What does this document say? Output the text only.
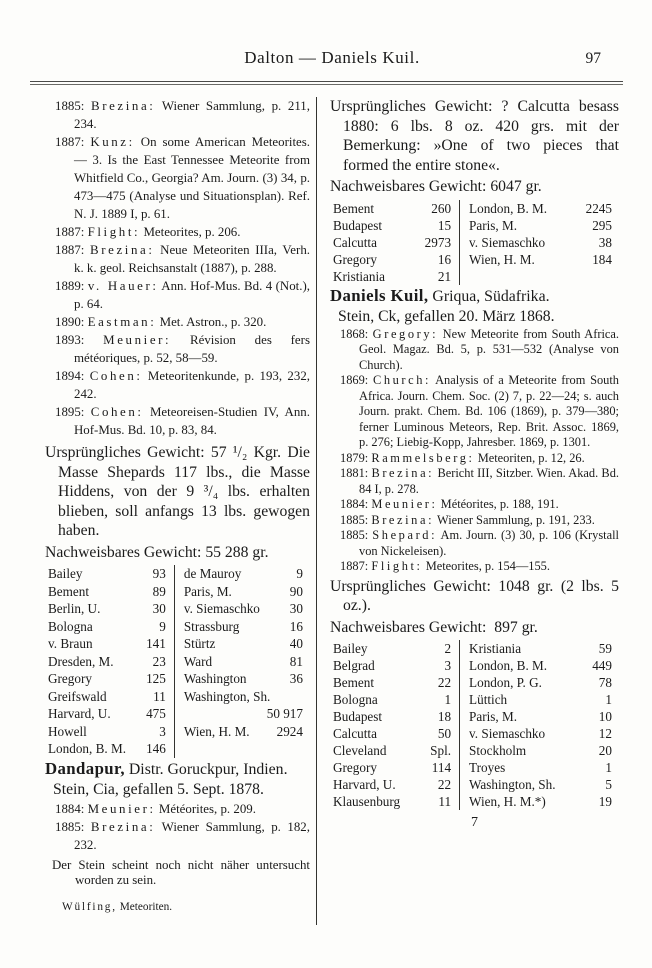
Dalton — Daniels Kuil.	97

1885: Brezina: Wiener Sammlung, p. 211, 234.

1887: Kunz: On some American Meteorites. — 3. Is the East Tennessee Meteorite from Whitfield Co., Georgia? Am. Journ. (3) 34, p. 473—475 (Analyse und Situationsplan). Ref. N. J. 1889 I, p. 61.

1887: Flight: Meteorites, p. 206.

1887: Brezina: Neue Meteoriten IIIa, Verh. k. k. geol. Reichsanstalt (1887), p. 288.

1889: v. Hauer: Ann. Hof-Mus. Bd. 4 (Not.), p. 64.

1890: Eastman: Met. Astron., p. 320.

1893: Meunier: Révision des fers météoriques, p. 52, 58—59.

1894: Cohen: Meteoritenkunde, p. 193, 232, 242.

1895: Cohen: Meteoreisen-Studien IV, Ann. Hof-Mus. Bd. 10, p. 83, 84.

Ursprüngliches Gewicht: 57 ¹/₂ Kgr. Die Masse Shepards 117 lbs., die Masse Hiddens, von der 9 ³/₄ lbs. erhalten blieben, soll anfangs 13 lbs. gewogen haben.

Nachweisbares Gewicht: 55 288 gr.

Bailey	93
Bement	89
Berlin, U.	30
Bologna	9
v. Braun	141
Dresden, M.	23
Gregory	125
Greifswald	11
Harvard, U.	475
Howell	3
London, B. M. 146
de Mauroy	9
Paris, M.	90
v. Siemaschko 30
Strassburg	16
Stürtz	40
Ward	81
Washington	36
Washington, Sh.
50 917
Wien, H. M. 2924

Dandapur, Distr. Goruckpur, Indien.

Stein, Cia, gefallen 5. Sept. 1878.

1884: Meunier: Météorites, p. 209.

1885: Brezina: Wiener Sammlung, p. 182, 232.

Der Stein scheint noch nicht näher untersucht worden zu sein.

Wülfing, Meteoriten.

Ursprüngliches Gewicht: ? Calcutta besass 1880: 6 lbs. 8 oz. 420 grs. mit der Bemerkung: »One of two pieces that formed the entire stone«.

Nachweisbares Gewicht: 6047 gr.

Bement	260
Budapest	15
Calcutta	2973
Gregory	16
Kristiania	21
London, B. M.	2245
Paris, M.	295
v. Siemaschko	38
Wien, H. M.	184

Daniels Kuil, Griqua, Südafrika.

Stein, Ck, gefallen 20. März 1868.

1868: Gregory: New Meteorite from South Africa. Geol. Magaz. Bd. 5, p. 531—532 (Analyse von Church).

1869: Church: Analysis of a Meteorite from South Africa. Journ. Chem. Soc. (2) 7, p. 22—24; s. auch Journ. prakt. Chem. Bd. 106 (1869), p. 379—380; ferner Luminous Meteors, Rep. Brit. Assoc. 1869, p. 276; Liebig-Kopp, Jahresber. 1869, p. 1301.

1879: Rammelsberg: Meteoriten, p. 12, 26.

1881: Brezina: Bericht III, Sitzber. Wien. Akad. Bd. 84 I, p. 278.

1884: Meunier: Météorites, p. 188, 191.

1885: Brezina: Wiener Sammlung, p. 191, 233.

1885: Shepard: Am. Journ. (3) 30, p. 106 (Krystall von Nickeleisen).

1887: Flight: Meteorites, p. 154—155.

Ursprüngliches Gewicht: 1048 gr. (2 lbs. 5 oz.).

Nachweisbares Gewicht: 897 gr.

Bailey	2
Belgrad	3
Bement	22
Bologna	1
Budapest	18
Calcutta	50
Cleveland	Spl.
Gregory	114
Harvard, U.	22
Klausenburg	11
Kristiania	59
London, B. M.	449
London, P. G.	78
Lüttich	1
Paris, M.	10
v. Siemaschko	12
Stockholm	20
Troyes	1
Washington, Sh.	5
Wien, H. M.*)	19

7
